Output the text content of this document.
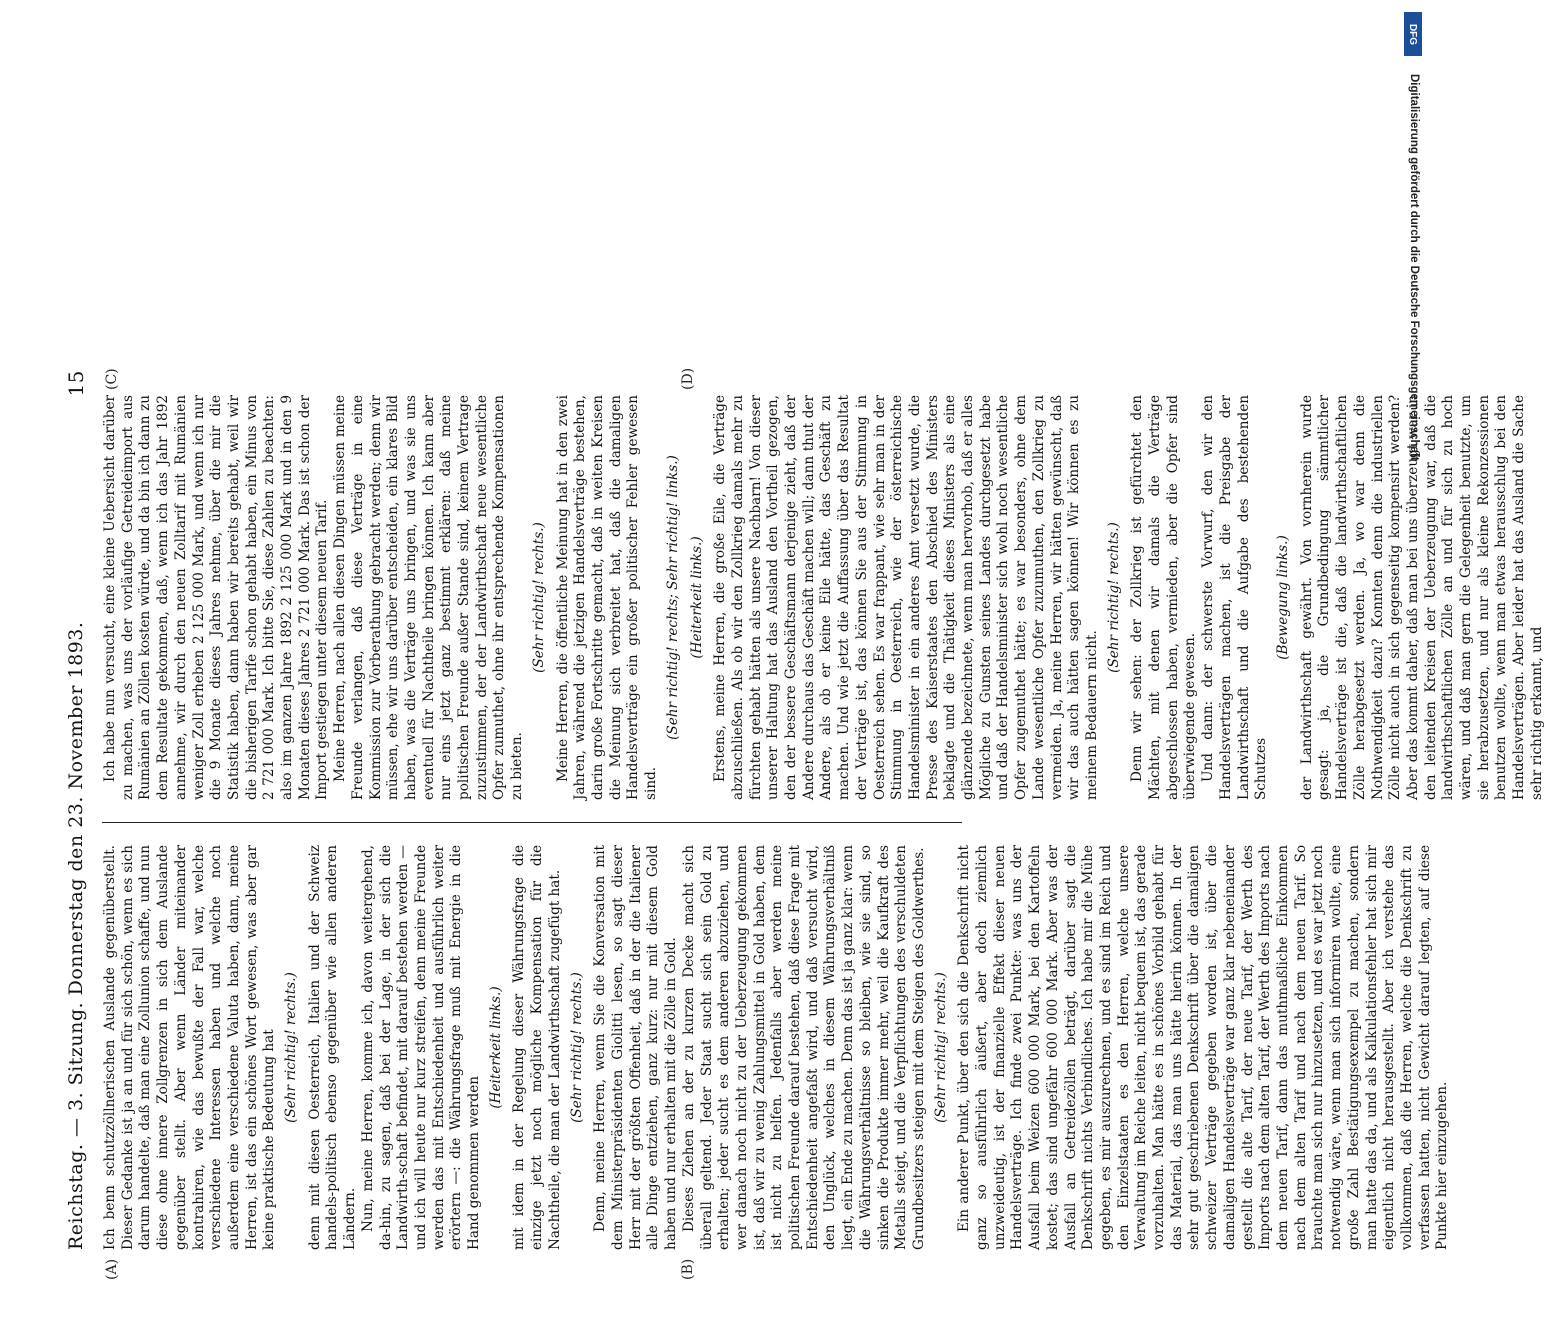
Reichstag. — 3. Sitzung. Donnerstag den 23. November 1893.
15
(A)	(B)
(C)	(D)

Ich benn schutzzöllnerischen Auslande gegenüberstellt. Dieser Gedanke ist ja an und für sich schön, wenn es sich darum handelte, daß man eine Zollunion schaffe, und nun diese ohne innere Zollgrenzen in sich dem Auslande gegenüber stellt. Aber wenn Länder miteinander kontrahiren, wie das bewußte der Fall war, welche verschiedene Interessen haben und welche noch außerdem eine verschiedene Valuta haben, dann, meine Herren, ist das ein schönes Wort gewesen, was aber gar keine praktische Bedeutung hat (Sehr richtig! rechts.) denn mit diesen Oesterreich, Italien und der Schweiz handels-politisch ebenso gegenüber wie allen anderen Ländern. Nun, meine Herren, komme ich, davon weitergehend, da-hin, zu sagen, daß bei der Lage, in der sich die Landwirth-schaft befindet, mit darauf bestehen werden — und ich will heute nur kurz streifen, denn meine Freunde werden das mit Entschiedenheit und ausführlich weiter erörtern —: die Währungsfrage muß mit Energie in die Hand genommen werden

(Heiterkeit links.) mit idem in der Regelung dieser Währungsfrage die einzige jetzt noch mögliche Kompensation für die Nachtheile, die man der Landwirthschaft zugefügt hat. (Sehr richtig! rechts.) Denn, meine Herren, wenn Sie die Konversation mit dem Ministerpräsidenten Giolitti lesen, so sagt dieser Herr mit der größten Offenheit, daß in der die Italiener alle Dinge entziehen, ganz kurz: nur mit diesem Gold haben und nur erhalten mit die Zölle in Gold. Dieses Ziehen an der zu kurzen Decke macht sich überall geltend. Jeder Staat sucht sich sein Gold zu erhalten; jeder sucht es dem anderen abzuziehen, und wer danach noch nicht zu der Ueberzeugung gekommen ist, daß wir zu wenig Zahlungsmittel in Gold haben, dem ist nicht zu helfen. Jedenfalls aber werden meine politischen Freunde darauf bestehen, daß diese Frage mit Entschiedenheit angefaßt wird, und daß versucht wird, den Unglück, welches in diesem Währungsverhältniß liegt, ein Ende zu machen. Denn das ist ja ganz klar: wenn die Währungsverhältnisse so bleiben, wie sie sind, so sinken die Produkte immer mehr, weil die Kaufkraft des Metalls steigt, und die Verpflichtungen des verschuldeten Grundbesitzers steigen mit dem Steigen des Goldwerthes. (Sehr richtig! rechts.) Ein anderer Punkt, über den sich die Denkschrift nicht ganz so ausführlich äußert, aber doch ziemlich unzweideutig, ist der finanzielle Effekt dieser neuen Handelsverträge. Ich finde zwei Punkte: was uns der Ausfall beim Weizen 600 000 Mark, bei den Kartoffeln kostet; das sind ungefähr 600 000 Mark. Aber was der Ausfall an Getreidezöllen beträgt, darüber sagt die Denkschrift nichts Verbindliches. Ich habe mir die Mühe gegeben, es mir auszurechnen, und es sind im Reich und den Einzelstaaten es den Herren, welche unsere Verwaltung im Reiche leiten, nicht bequem ist, das gerade vorzuhalten. Man hätte es in schönes Vorbild gehabt für das Material, das man uns hätte hierin können. In der sehr gut geschriebenen Denkschrift über die damaligen schweizer Verträge gegeben worden ist, über die damaligen Handelsverträge war ganz klar nebeneinander gestellt die alte Tarif, der neue Tarif, der Werth des Imports nach dem alten Tarif, der Werth des Imports nach dem neuen Tarif, dann das muthmaßliche Einkommen nach dem alten Tarif und nach dem neuen Tarif. So brauchte man sich nur hinzusetzen, und es war jetzt noch notwendig wäre, wenn man sich informiren wollte, eine große Zahl Bestätigungsexempel zu machen, sondern man hatte das da, und als Kalkulationsfehler hat sich mir eigentlich nicht herausgestellt. Aber ich verstehe das vollkommen, daß die Herren, welche die Denkschrift zu verfassen hatten, nicht Gewicht darauf legten, auf diese Punkte hier einzugehen.

Ich habe nun versucht, eine kleine Uebersicht darüber zu machen, was uns der vorläufige Getreideimport aus Rumänien an Zöllen kosten würde, und da bin ich dann zu dem Resultate gekommen, daß, wenn ich das Jahr 1892 annehme, wir durch den neuen Zolltarif mit Rumänien weniger Zoll erheben 2 125 000 Mark, und wenn ich nur die 9 Monate dieses Jahres nehme, über die mir die Statistik haben, dann haben wir bereits gehabt, weil wir die bisherigen Tarife schon gehabt haben, ein Minus von 2 721 000 Mark. Ich bitte Sie, diese Zahlen zu beachten: also im ganzen Jahre 1892 2 125 000 Mark und in den 9 Monaten dieses Jahres 2 721 000 Mark. Das ist schon der Import gestiegen unter diesem neuen Tarif. Meine Herren, nach allen diesen Dingen müssen meine Freunde verlangen, daß diese Verträge in eine Kommission zur Vorberathung gebracht werden; denn wir müssen, ehe wir uns darüber entscheiden, ein klares Bild haben, was die Verträge uns bringen, und was sie uns eventuell für Nachtheile bringen können. Ich kann aber nur eins jetzt ganz bestimmt erklären: daß meine politischen Freunde außer Stande sind, keinem Vertrage zuzustimmen, der der Landwirthschaft neue wesentliche Opfer zumuthet, ohne ihr entsprechende Kompensationen zu bieten.

(Sehr richtig! rechts.) Meine Herren, die öffentliche Meinung hat in den zwei Jahren, während die jetzigen Handelsverträge bestehen, darin große Fortschritte gemacht, daß in weiten Kreisen die Meinung sich verbreitet hat, daß die damaligen Handelsverträge ein großer politischer Fehler gewesen sind.

(Sehr richtig! rechts; Sehr richtig! links.) (Heiterkeit links.) Erstens, meine Herren, die große Eile, die Verträge abzuschließen. Als ob wir den Zollkrieg damals mehr zu fürchten gehabt hätten als unsere Nachbarn! Von dieser unserer Haltung hat das Ausland den Vortheil gezogen, den der bessere Geschäftsmann derjenige zieht, daß der Andere durchaus das Geschäft machen will; dann thut der Andere, als ob er keine Eile hätte, das Geschäft zu machen. Und wie jetzt die Auffassung über das Resultat der Verträge ist, das können Sie aus der Stimmung in Oesterreich sehen. Es war frappant, wie sehr man in der Stimmung in Oesterreich, wie der österreichische Handelsminister in ein anderes Amt versetzt wurde, die Presse des Kaiserstaates den Abschied des Ministers beklagte und die Thätigkeit dieses Ministers als eine glänzende bezeichnete, wenn man hervorhob, daß er alles Mögliche zu Gunsten seines Landes durchgesetzt habe und daß der Handelsminister sich wohl noch wesentliche Opfer zugemuthet hätte; es war besonders, ohne dem Lande wesentliche Opfer zuzumuthen, den Zollkrieg zu vermeiden. Ja, meine Herren, wir hätten gewünscht, daß wir das auch hätten sagen können! Wir können es zu meinem Bedauern nicht.

(Sehr richtig! rechts.) Denn wir sehen: der Zollkrieg ist gefürchtet den Mächten, mit denen wir damals die Verträge abgeschlossen haben, vermieden, aber die Opfer sind überwiegende gewesen. Und dann: der schwerste Vorwurf, den wir den Handelsverträgen machen, ist die Preisgabe der Landwirthschaft und die Aufgabe des bestehenden Schutzes

(Bewegung links.) der Landwirthschaft gewährt. Von vornherein wurde gesagt: ja, die Grundbedingung sämmtlicher Handelsverträge ist die, daß die landwirthschaftlichen Zölle herabgesetzt werden. Ja, wo war denn die Nothwendigkeit dazu? Konnten denn die industriellen Zölle nicht auch in sich gegenseitig kompensirt werden? Aber das kommt daher, daß man bei uns überzeugt war in den leitenden Kreisen der Ueberzeugung war, daß die landwirthschaftlichen Zölle an und für sich zu hoch wären, und daß man gern die Gelegenheit benutzte, um sie herabzusetzen, und nur als kleine Rekonzessionen benutzen wollte, wenn man etwas herausschlug bei den Handelsverträgen. Aber leider hat das Ausland die Sache sehr richtig erkannt, und

Digitalisierung gefördert durch die Deutsche Forschungsgemeinschaft
DFG
